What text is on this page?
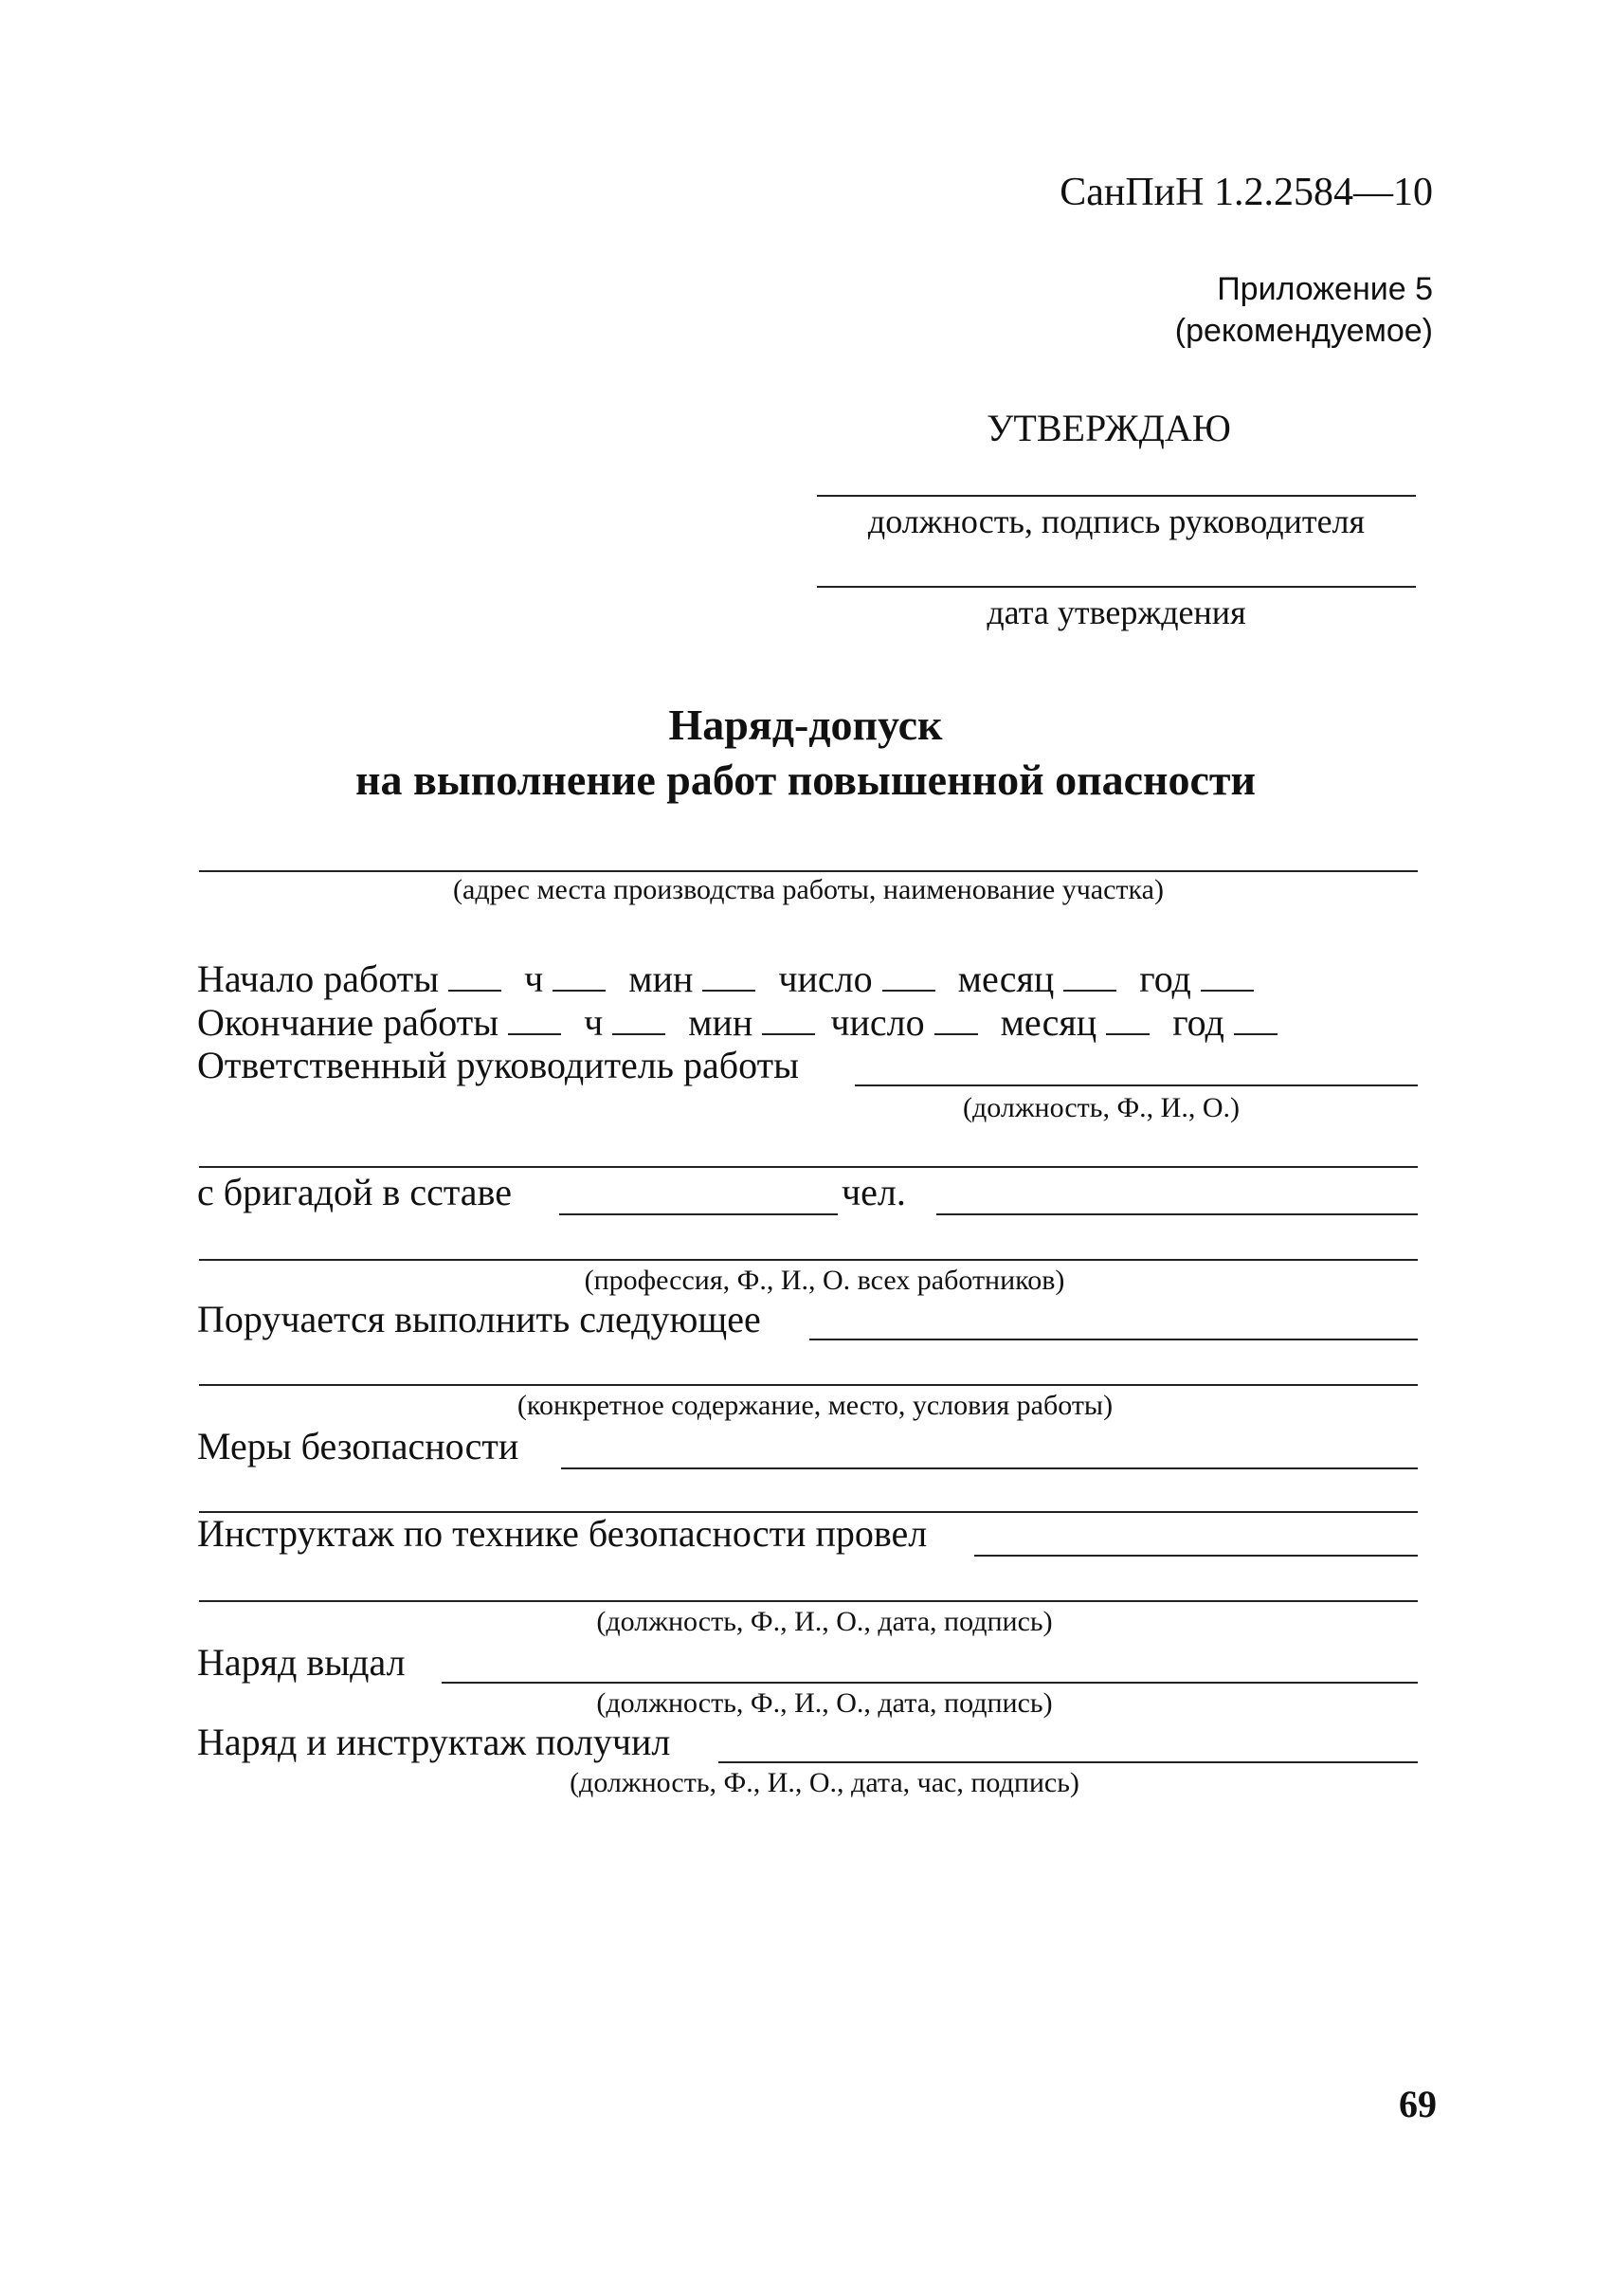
СанПиН 1.2.2584—10
Приложение 5
(рекомендуемое)
УТВЕРЖДАЮ
должность, подпись руководителя
дата утверждения
Наряд-допуск
на выполнение работ повышенной опасности
(адрес места производства работы, наименование участка)
Начало работы ч мин число месяц год
Окончание работы ч мин число месяц год
Ответственный руководитель работы
(должность, Ф., И., О.)
с бригадой в сставе	чел.
(профессия, Ф., И., О. всех работников)
Поручается выполнить следующее
(конкретное содержание, место, условия работы)
Меры безопасности
Инструктаж по технике безопасности провел
(должность, Ф., И., О., дата, подпись)
Наряд выдал
(должность, Ф., И., О., дата, подпись)
Наряд и инструктаж получил
(должность, Ф., И., О., дата, час, подпись)
69
